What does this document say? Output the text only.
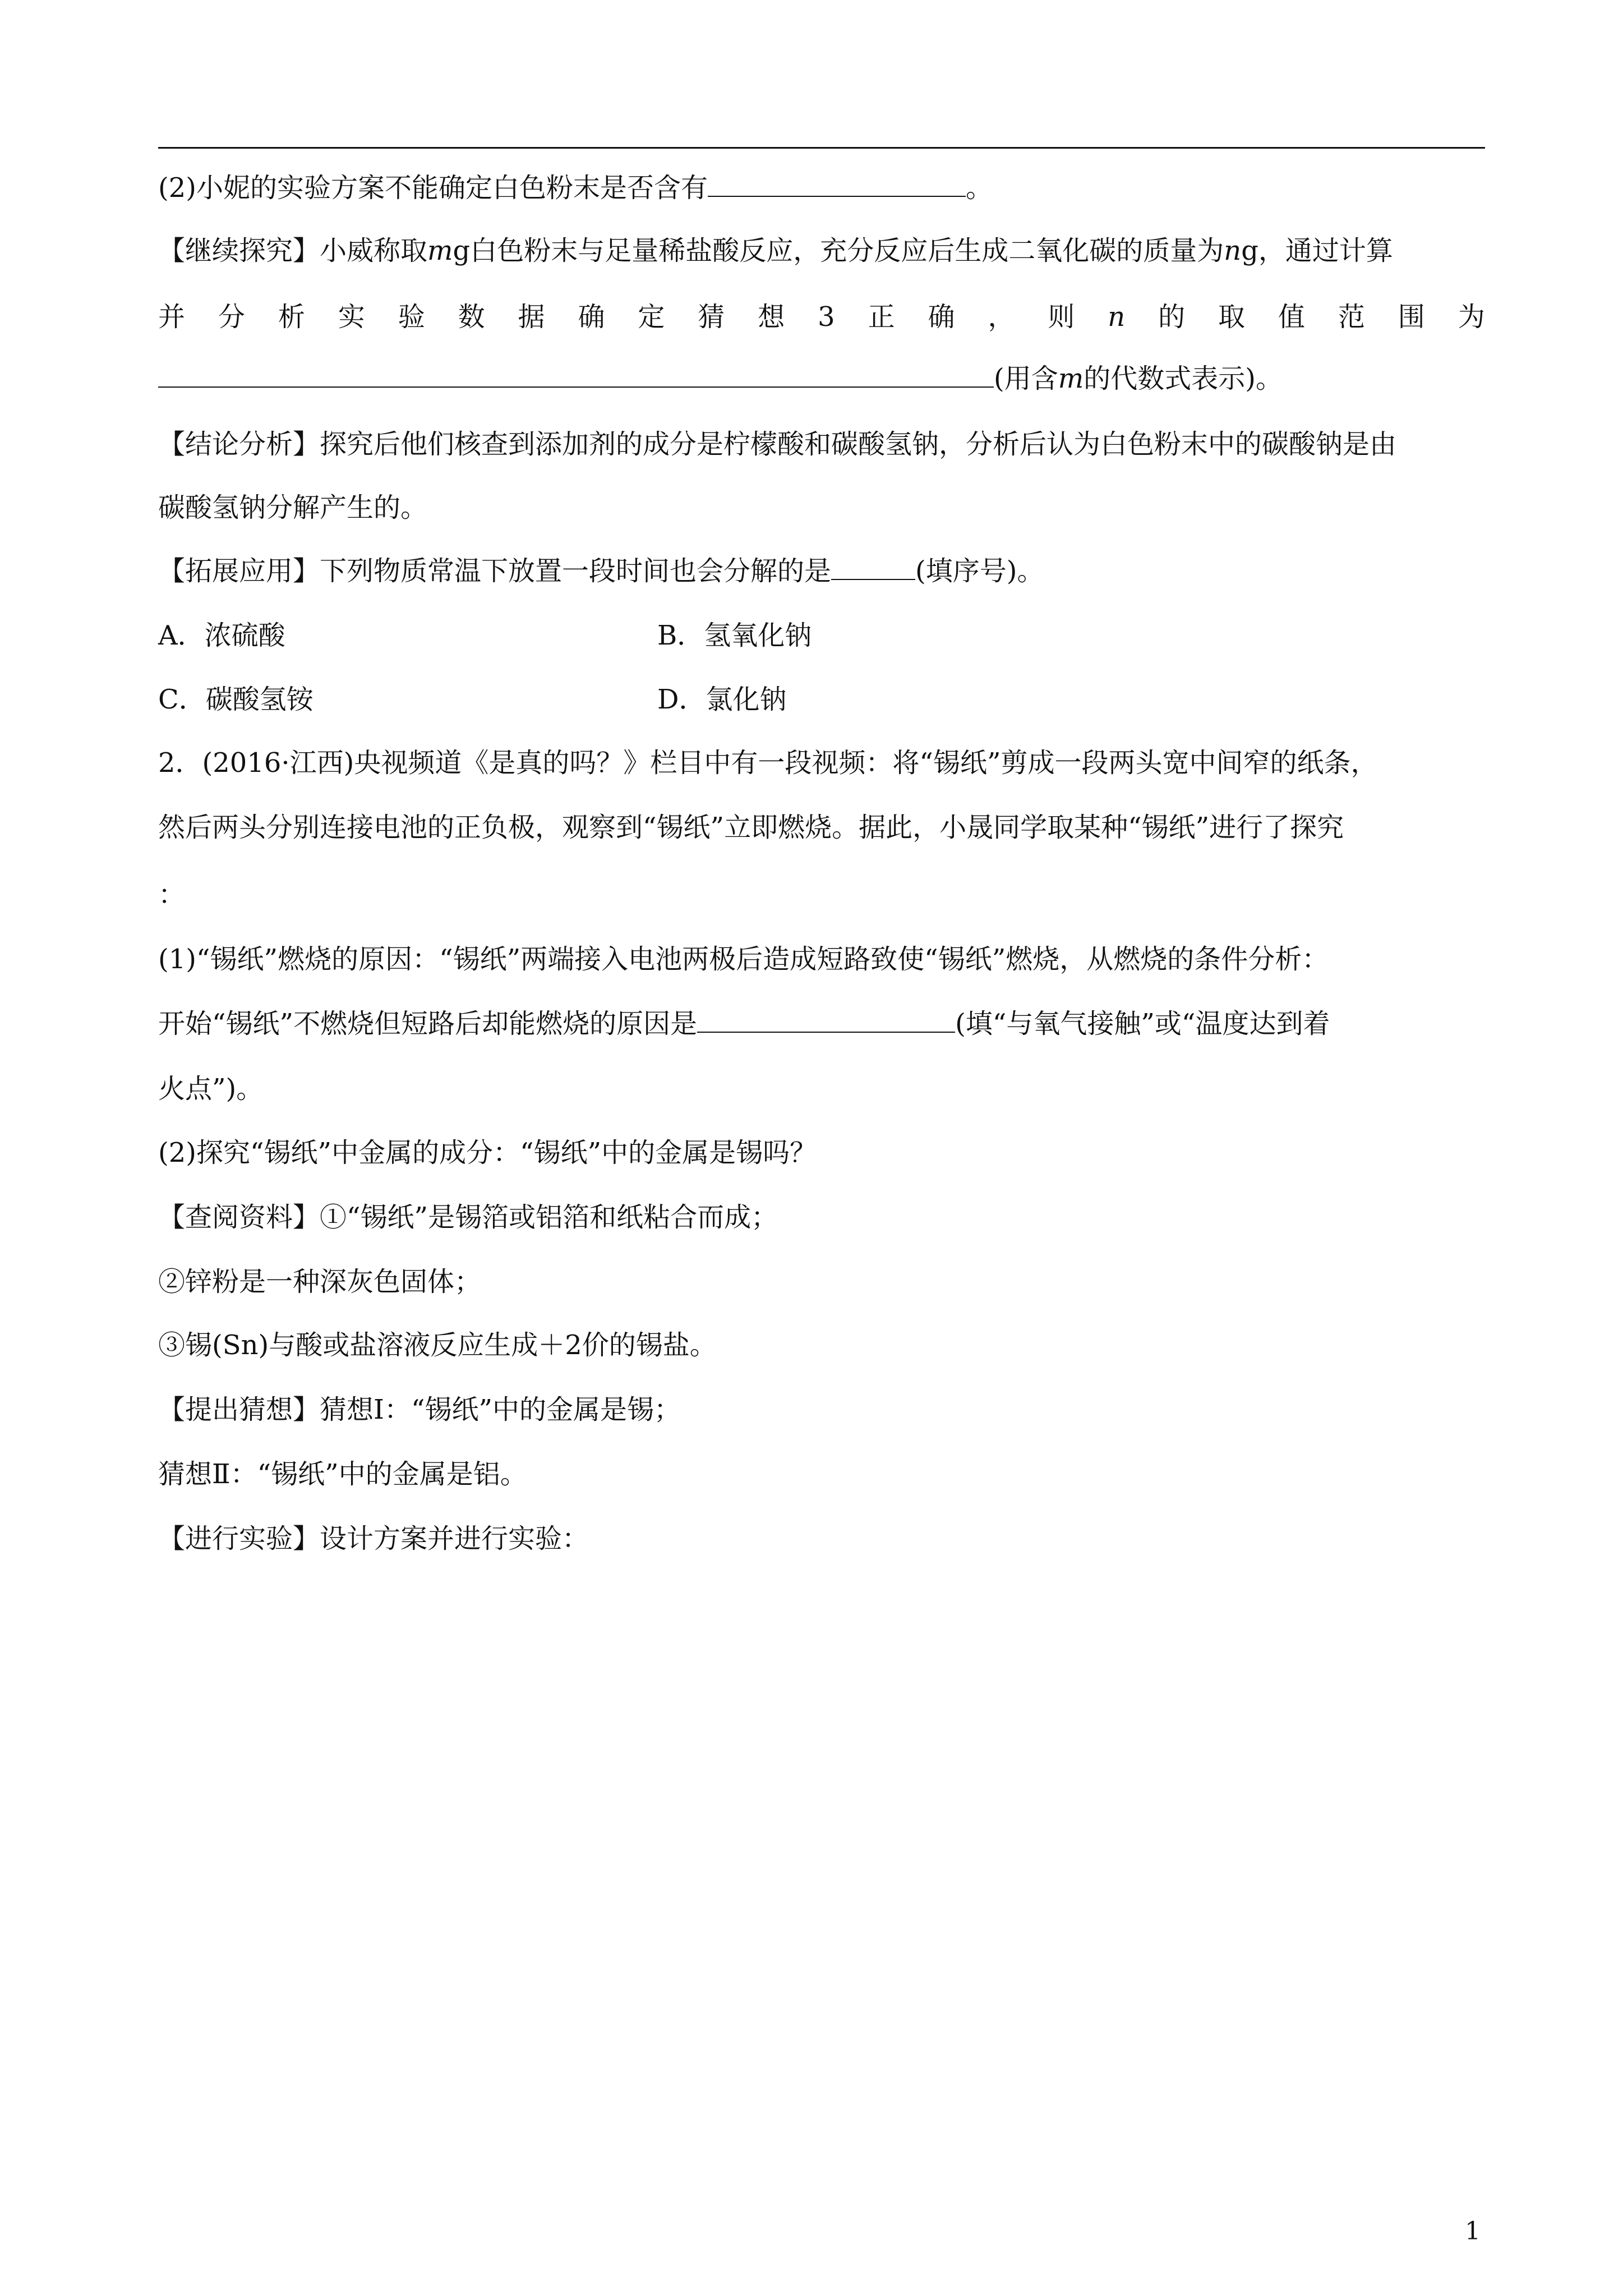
(2)小妮的实验方案不能确定白色粉末是否含有	。
【继续探究】小威称取mg白色粉末与足量稀盐酸反应，充分反应后生成二氧化碳的质量为ng，通过计算
并 分 析 实 验 数 据 确 定 猜 想 3 正 确 ， 则 n 的 取 值 范 围 为
(用含m的代数式表示)。
【结论分析】探究后他们核查到添加剂的成分是柠檬酸和碳酸氢钠，分析后认为白色粉末中的碳酸钠是由
碳酸氢钠分解产生的。
【拓展应用】下列物质常温下放置一段时间也会分解的是	(填序号)。
A．浓硫酸	B．氢氧化钠
C．碳酸氢铵	D．氯化钠
2．(2016·江西)央视频道《是真的吗？》栏目中有一段视频：将“锡纸”剪成一段两头宽中间窄的纸条，
然后两头分别连接电池的正负极，观察到“锡纸”立即燃烧。据此，小晟同学取某种“锡纸”进行了探究
：
(1)“锡纸”燃烧的原因：“锡纸”两端接入电池两极后造成短路致使“锡纸”燃烧，从燃烧的条件分析：
开始“锡纸”不燃烧但短路后却能燃烧的原因是	(填“与氧气接触”或“温度达到着
火点”)。
(2)探究“锡纸”中金属的成分：“锡纸”中的金属是锡吗？
【查阅资料】①“锡纸”是锡箔或铝箔和纸粘合而成；
②锌粉是一种深灰色固体；
③锡(Sn)与酸或盐溶液反应生成＋2价的锡盐。
【提出猜想】猜想Ⅰ：“锡纸”中的金属是锡；
猜想Ⅱ：“锡纸”中的金属是铝。
【进行实验】设计方案并进行实验：
1
